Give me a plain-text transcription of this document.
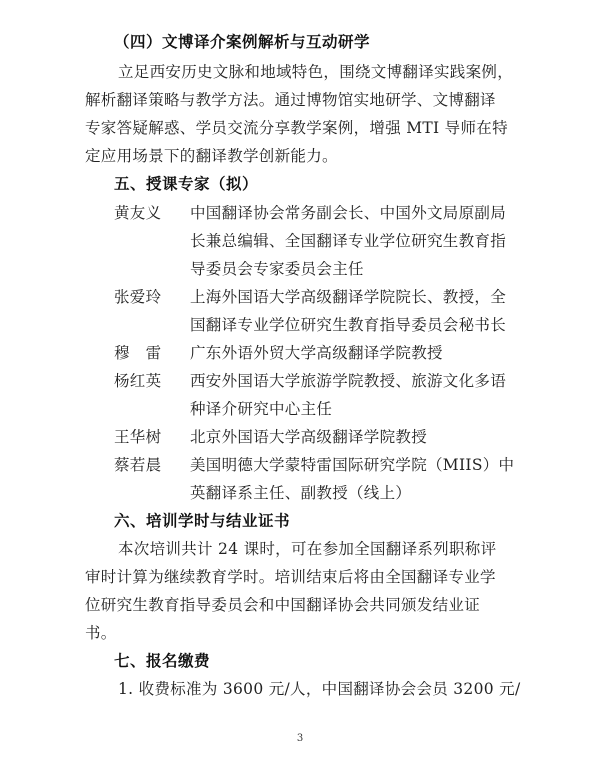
（四）文博译介案例解析与互动研学
立足西安历史文脉和地域特色，围绕文博翻译实践案例，
解析翻译策略与教学方法。通过博物馆实地研学、文博翻译
专家答疑解惑、学员交流分享教学案例，增强 MTI 导师在特
定应用场景下的翻译教学创新能力。
五、授课专家（拟）
黄友义 中国翻译协会常务副会长、中国外文局原副局
长兼总编辑、全国翻译专业学位研究生教育指
导委员会专家委员会主任
张爱玲 上海外国语大学高级翻译学院院长、教授，全
国翻译专业学位研究生教育指导委员会秘书长
穆　雷 广东外语外贸大学高级翻译学院教授
杨红英 西安外国语大学旅游学院教授、旅游文化多语
种译介研究中心主任
王华树 北京外国语大学高级翻译学院教授
蔡若晨 美国明德大学蒙特雷国际研究学院（MIIS）中
英翻译系主任、副教授（线上）
六、培训学时与结业证书
本次培训共计 24 课时，可在参加全国翻译系列职称评
审时计算为继续教育学时。培训结束后将由全国翻译专业学
位研究生教育指导委员会和中国翻译协会共同颁发结业证
书。
七、报名缴费
1. 收费标准为 3600 元/人，中国翻译协会会员 3200 元/
3
